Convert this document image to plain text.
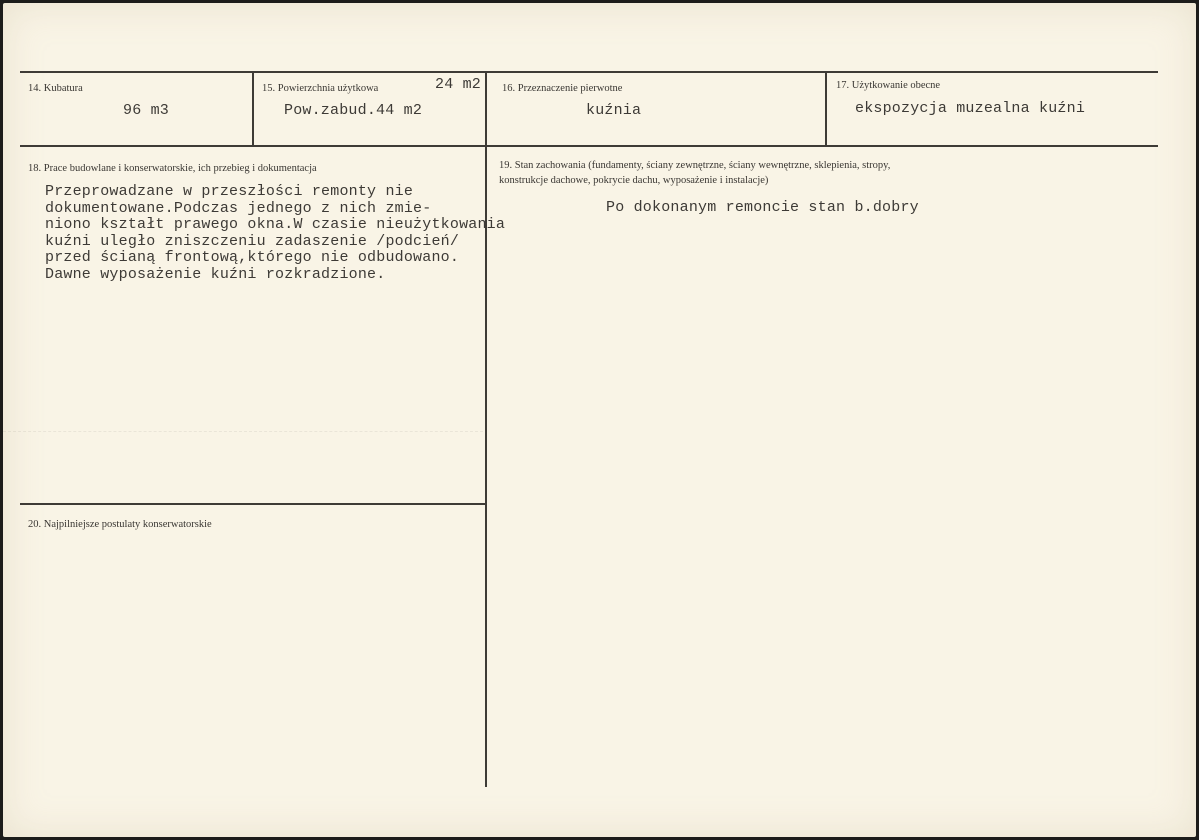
14. Kubatura
96 m3
15. Powierzchnia użytkowa	24 m2
Pow.zabud.44 m2
16. Przeznaczenie pierwotne
kuźnia
17. Użytkowanie obecne
ekspozycja muzealna kuźni
18. Prace budowlane i konserwatorskie, ich przebieg i dokumentacja
Przeprowadzane w przeszłości remonty nie
dokumentowane.Podczas jednego z nich zmie-
niono kształt prawego okna.W czasie nieużytkowania
kuźni uległo zniszczeniu zadaszenie /podcień/
przed ścianą frontową,którego nie odbudowano.
Dawne wyposażenie kuźni rozkradzione.
19. Stan zachowania (fundamenty, ściany zewnętrzne, ściany wewnętrzne, sklepienia, stropy,
konstrukcje dachowe, pokrycie dachu, wyposażenie i instalacje)
Po dokonanym remoncie stan b.dobry
20. Najpilniejsze postulaty konserwatorskie
